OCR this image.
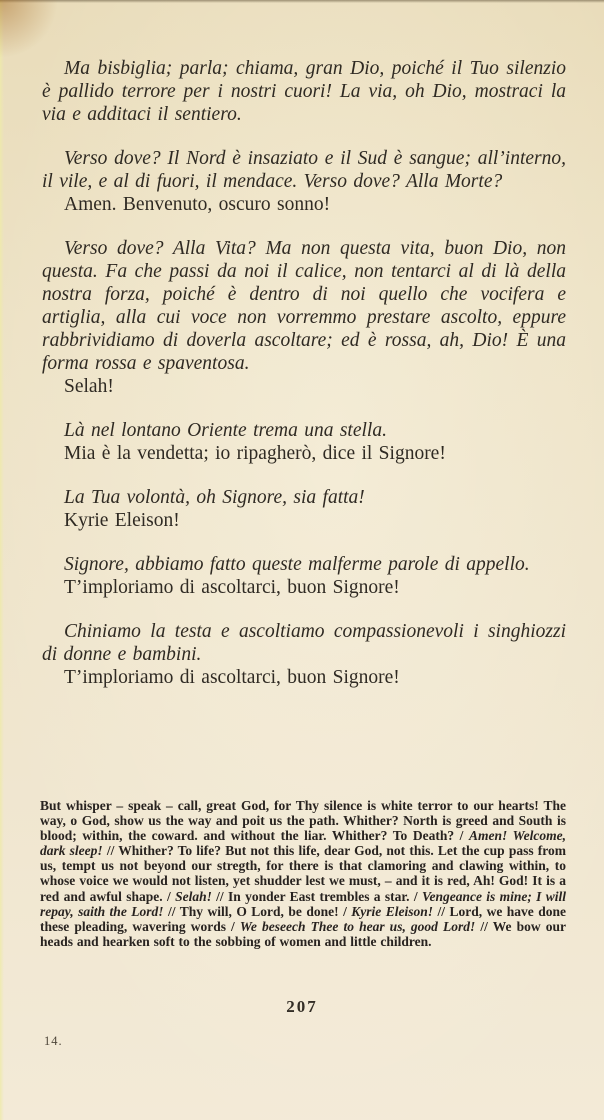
Ma bisbiglia; parla; chiama, gran Dio, poiché il Tuo silenzio è pallido terrore per i nostri cuori! La via, oh Dio, mostraci la via e additaci il sentiero.

Verso dove? Il Nord è insaziato e il Sud è sangue; all’interno, il vile, e al di fuori, il mendace. Verso dove? Alla Morte?

Amen. Benvenuto, oscuro sonno!

Verso dove? Alla Vita? Ma non questa vita, buon Dio, non questa. Fa che passi da noi il calice, non tentarci al di là della nostra forza, poiché è dentro di noi quello che vocifera e artiglia, alla cui voce non vorremmo prestare ascolto, eppure rabbrividiamo di doverla ascoltare; ed è rossa, ah, Dio! È una forma rossa e spaventosa.

Selah!

Là nel lontano Oriente trema una stella.

Mia è la vendetta; io ripagherò, dice il Signore!

La Tua volontà, oh Signore, sia fatta!

Kyrie Eleison!

Signore, abbiamo fatto queste malferme parole di appello.

T’imploriamo di ascoltarci, buon Signore!

Chiniamo la testa e ascoltiamo compassionevoli i singhiozzi di donne e bambini.

T’imploriamo di ascoltarci, buon Signore!

But whisper – speak – call, great God, for Thy silence is white terror to our hearts! The way, o God, show us the way and poit us the path. Whither? North is greed and South is blood; within, the coward. and without the liar. Whither? To Death? / Amen! Welcome, dark sleep! // Whither? To life? But not this life, dear God, not this. Let the cup pass from us, tempt us not beyond our stregth, for there is that clamoring and clawing within, to whose voice we would not listen, yet shudder lest we must, – and it is red, Ah! God! It is a red and awful shape. / Selah! // In yonder East trembles a star. / Vengeance is mine; I will repay, saith the Lord! // Thy will, O Lord, be done! / Kyrie Eleison! // Lord, we have done these pleading, wavering words / We beseech Thee to hear us, good Lord! // We bow our heads and hearken soft to the sobbing of women and little children.
207
14.
